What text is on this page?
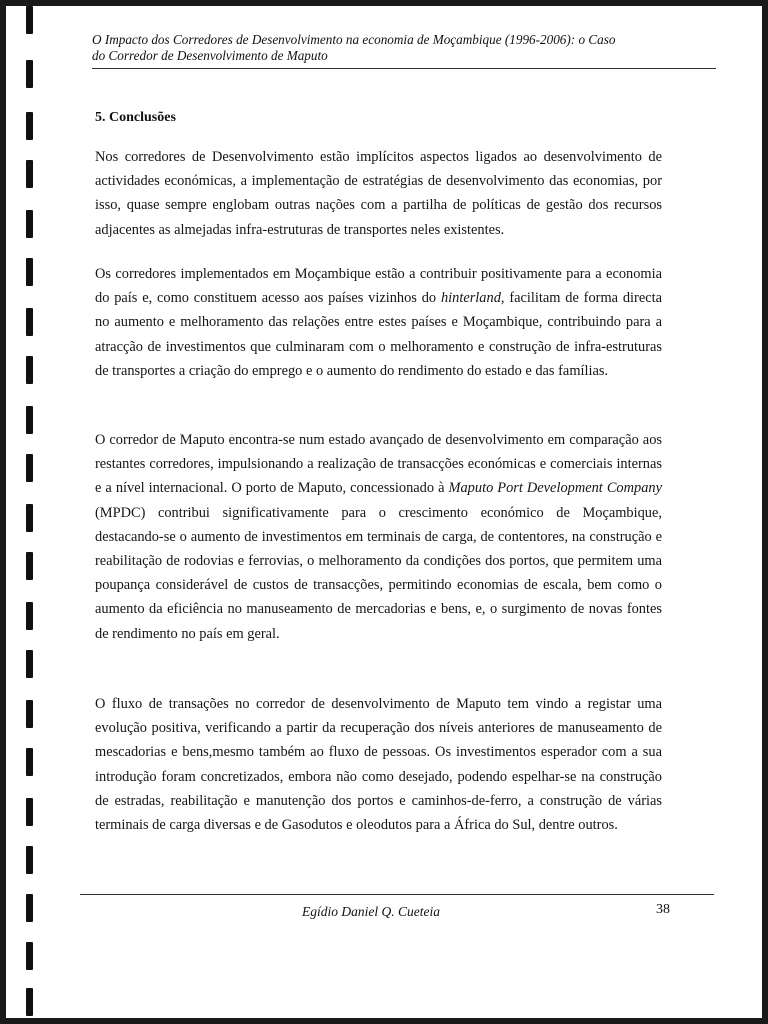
O Impacto dos Corredores de Desenvolvimento na economia de Moçambique (1996-2006): o Caso
do Corredor de Desenvolvimento de Maputo
5. Conclusões

Nos corredores de Desenvolvimento estão implícitos aspectos ligados ao desenvolvimento de actividades económicas, a implementação de estratégias de desenvolvimento das economias, por isso, quase sempre englobam outras nações com a partilha de políticas de gestão dos recursos adjacentes as almejadas infra-estruturas de transportes neles existentes.

Os corredores implementados em Moçambique estão a contribuir positivamente para a economia do país e, como constituem acesso aos países vizinhos do hinterland, facilitam de forma directa no aumento e melhoramento das relações entre estes países e Moçambique, contribuindo para a atracção de investimentos que culminaram com o melhoramento e construção de infra-estruturas de transportes a criação do emprego e o aumento do rendimento do estado e das famílias.

O corredor de Maputo encontra-se num estado avançado de desenvolvimento em comparação aos restantes corredores, impulsionando a realização de transacções económicas e comerciais internas e a nível internacional. O porto de Maputo, concessionado à Maputo Port Development Company (MPDC) contribui significativamente para o crescimento económico de Moçambique, destacando-se o aumento de investimentos em terminais de carga, de contentores, na construção e reabilitação de rodovias e ferrovias, o melhoramento da condições dos portos, que permitem uma poupança considerável de custos de transacções, permitindo economias de escala, bem como o aumento da eficiência no manuseamento de mercadorias e bens, e, o surgimento de novas fontes de rendimento no país em geral.

O fluxo de transações no corredor de desenvolvimento de Maputo tem vindo a registar uma evolução positiva, verificando a partir da recuperação dos níveis anteriores de manuseamento de mescadorias e bens,mesmo também ao fluxo de pessoas. Os investimentos esperador com a sua introdução foram concretizados, embora não como desejado, podendo espelhar-se na construção de estradas, reabilitação e manutenção dos portos e caminhos-de-ferro, a construção de várias terminais de carga diversas e de Gasodutos e oleodutos para a África do Sul, dentre outros.

Egídio Daniel Q. Cueteia	38
